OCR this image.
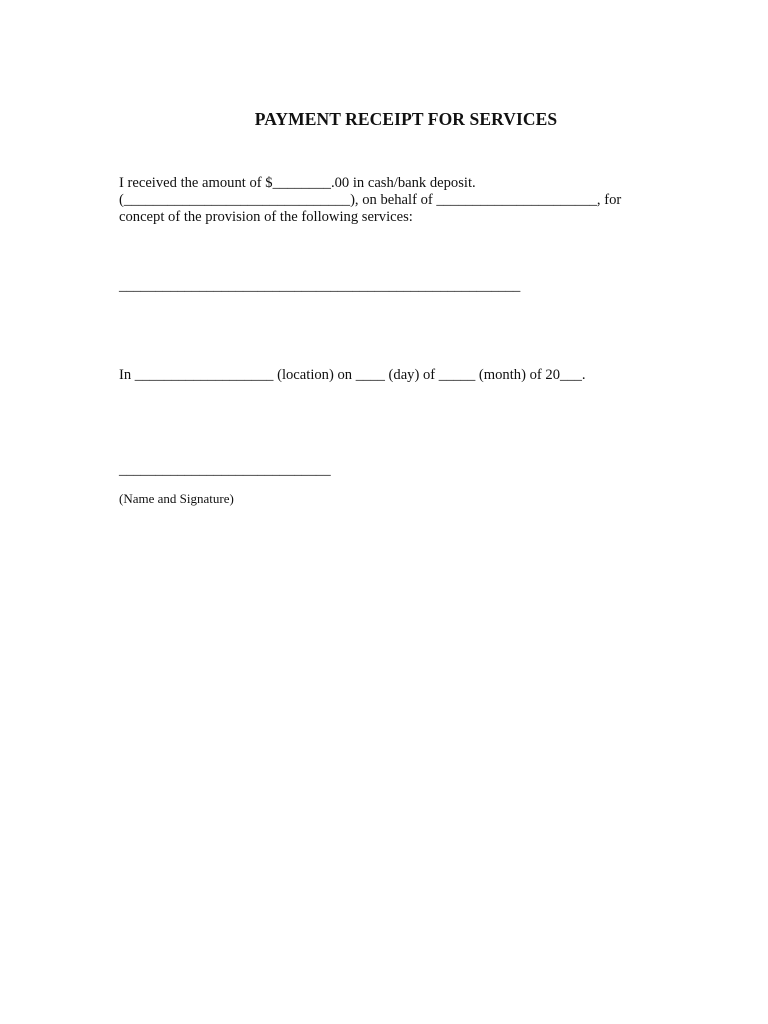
PAYMENT RECEIPT FOR SERVICES
I received the amount of $________.00 in cash/bank deposit.
(_______________________________), on behalf of ______________________, for
concept of the provision of the following services:
_______________________________________________________
In ___________________ (location) on ____ (day) of _____ (month) of 20___.
_____________________________
(Name and Signature)
